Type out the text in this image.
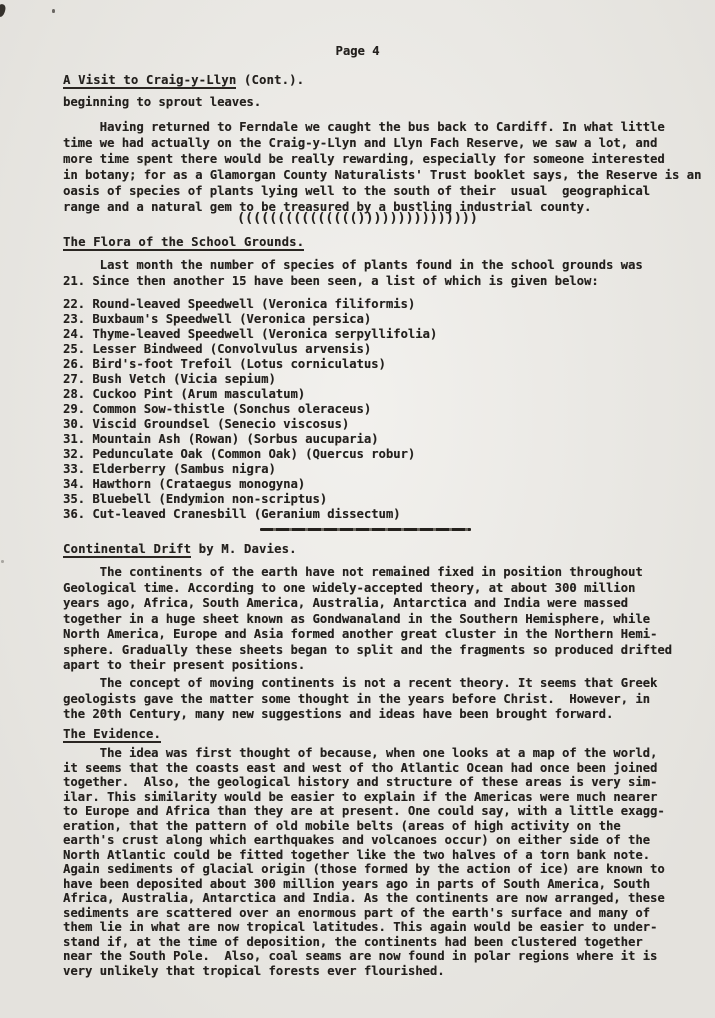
Page 4
A Visit to Craig-y-Llyn (Cont.).
beginning to sprout leaves.
Having returned to Ferndale we caught the bus back to Cardiff. In what little
time we had actually on the Craig-y-Llyn and Llyn Fach Reserve, we saw a lot, and
more time spent there would be really rewarding, especially for someone interested
in botany; for as a Glamorgan County Naturalists' Trust booklet says, the Reserve is an
oasis of species of plants lying well to the south of their  usual  geographical
range and a natural gem to be treasured by a bustling industrial county.
((((((((((((((()))))))))))))))
The Flora of the School Grounds.
Last month the number of species of plants found in the school grounds was
21. Since then another 15 have been seen, a list of which is given below:
22. Round-leaved Speedwell (Veronica filiformis)
23. Buxbaum's Speedwell (Veronica persica)
24. Thyme-leaved Speedwell (Veronica serpyllifolia)
25. Lesser Bindweed (Convolvulus arvensis)
26. Bird's-foot Trefoil (Lotus corniculatus)
27. Bush Vetch (Vicia sepium)
28. Cuckoo Pint (Arum masculatum)
29. Common Sow-thistle (Sonchus oleraceus)
30. Viscid Groundsel (Senecio viscosus)
31. Mountain Ash (Rowan) (Sorbus aucuparia)
32. Pedunculate Oak (Common Oak) (Quercus robur)
33. Elderberry (Sambus nigra)
34. Hawthorn (Crataegus monogyna)
35. Bluebell (Endymion non-scriptus)
36. Cut-leaved Cranesbill (Geranium dissectum)
Continental Drift by M. Davies.
The continents of the earth have not remained fixed in position throughout
Geological time. According to one widely-accepted theory, at about 300 million
years ago, Africa, South America, Australia, Antarctica and India were massed
together in a huge sheet known as Gondwanaland in the Southern Hemisphere, while
North America, Europe and Asia formed another great cluster in the Northern Hemi-
sphere. Gradually these sheets began to split and the fragments so produced drifted
apart to their present positions.
The concept of moving continents is not a recent theory. It seems that Greek
geologists gave the matter some thought in the years before Christ.  However, in
the 20th Century, many new suggestions and ideas have been brought forward.
The Evidence.
The idea was first thought of because, when one looks at a map of the world,
it seems that the coasts east and west of tho Atlantic Ocean had once been joined
together.  Also, the geological history and structure of these areas is very sim-
ilar. This similarity would be easier to explain if the Americas were much nearer
to Europe and Africa than they are at present. One could say, with a little exagg-
eration, that the pattern of old mobile belts (areas of high activity on the
earth's crust along which earthquakes and volcanoes occur) on either side of the
North Atlantic could be fitted together like the two halves of a torn bank note.
Again sediments of glacial origin (those formed by the action of ice) are known to
have been deposited about 300 million years ago in parts of South America, South
Africa, Australia, Antarctica and India. As the continents are now arranged, these
sediments are scattered over an enormous part of the earth's surface and many of
them lie in what are now tropical latitudes. This again would be easier to under-
stand if, at the time of deposition, the continents had been clustered together
near the South Pole.  Also, coal seams are now found in polar regions where it is
very unlikely that tropical forests ever flourished.
